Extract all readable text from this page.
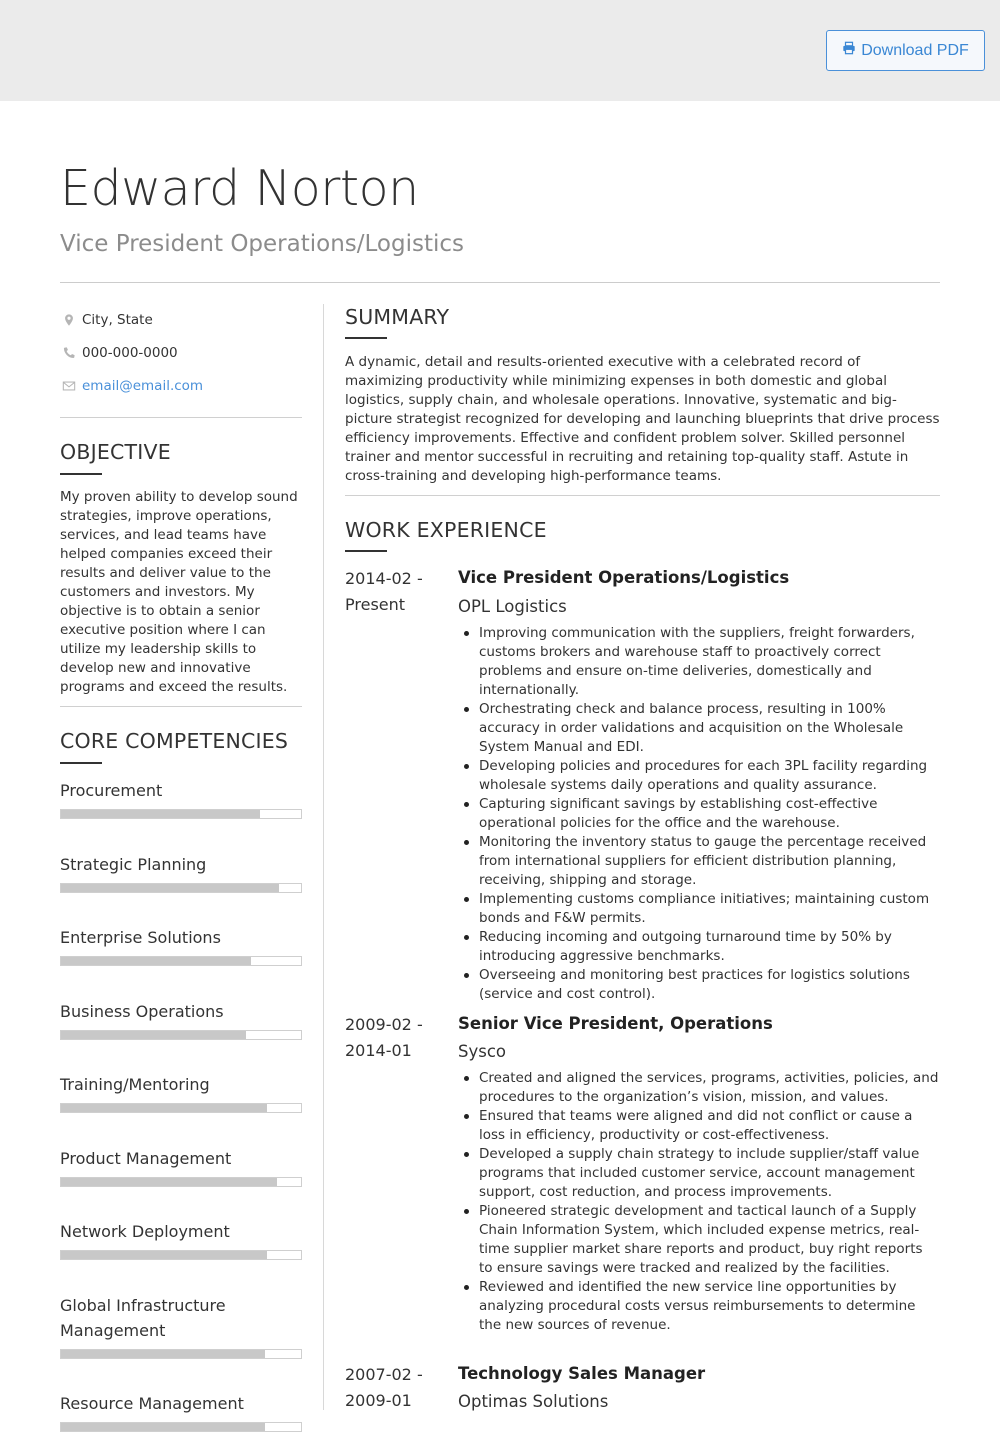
Download PDF
Edward Norton
Vice President Operations/Logistics
City, State
000-000-0000
email@email.com
OBJECTIVE
My proven ability to develop sound strategies, improve operations, services, and lead teams have helped companies exceed their results and deliver value to the customers and investors. My objective is to obtain a senior executive position where I can utilize my leadership skills to develop new and innovative programs and exceed the results.
CORE COMPETENCIES
Procurement
Strategic Planning
Enterprise Solutions
Business Operations
Training/Mentoring
Product Management
Network Deployment
Global Infrastructure Management
Resource Management
SUMMARY
A dynamic, detail and results-oriented executive with a celebrated record of maximizing productivity while minimizing expenses in both domestic and global logistics, supply chain, and wholesale operations. Innovative, systematic and big-picture strategist recognized for developing and launching blueprints that drive process efficiency improvements. Effective and confident problem solver. Skilled personnel trainer and mentor successful in recruiting and retaining top-quality staff. Astute in cross-training and developing high-performance teams.
WORK EXPERIENCE
2014-02 -
Present
Vice President Operations/Logistics
OPL Logistics
Improving communication with the suppliers, freight forwarders, customs brokers and warehouse staff to proactively correct problems and ensure on-time deliveries, domestically and internationally.
Orchestrating check and balance process, resulting in 100% accuracy in order validations and acquisition on the Wholesale System Manual and EDI.
Developing policies and procedures for each 3PL facility regarding wholesale systems daily operations and quality assurance.
Capturing significant savings by establishing cost-effective operational policies for the office and the warehouse.
Monitoring the inventory status to gauge the percentage received from international suppliers for efficient distribution planning, receiving, shipping and storage.
Implementing customs compliance initiatives; maintaining custom bonds and F&W permits.
Reducing incoming and outgoing turnaround time by 50% by introducing aggressive benchmarks.
Overseeing and monitoring best practices for logistics solutions (service and cost control).
2009-02 -
2014-01
Senior Vice President, Operations
Sysco
Created and aligned the services, programs, activities, policies, and procedures to the organization’s vision, mission, and values.
Ensured that teams were aligned and did not conflict or cause a loss in efficiency, productivity or cost-effectiveness.
Developed a supply chain strategy to include supplier/staff value programs that included customer service, account management support, cost reduction, and process improvements.
Pioneered strategic development and tactical launch of a Supply Chain Information System, which included expense metrics, real-time supplier market share reports and product, buy right reports to ensure savings were tracked and realized by the facilities.
Reviewed and identified the new service line opportunities by analyzing procedural costs versus reimbursements to determine the new sources of revenue.
2007-02 -
2009-01
Technology Sales Manager
Optimas Solutions
